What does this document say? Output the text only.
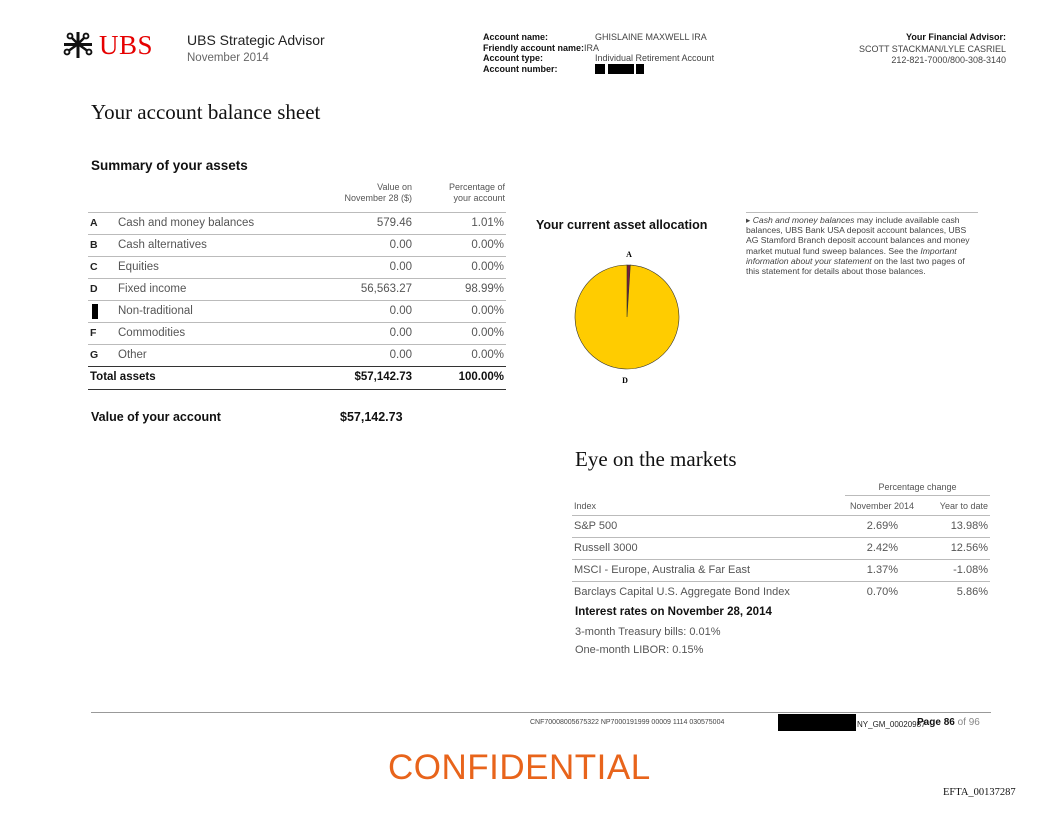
UBS UBS Strategic Advisor
November 2014
Account name:	GHISLAINE MAXWELL IRA
Friendly account name:IRA
Account type:	Individual Retirement Account
Account number:
Your Financial Advisor:
SCOTT STACKMAN/LYLE CASRIEL
212-821-7000/800-308-3140
Your account balance sheet
Summary of your assets
Value on
November 28 ($)
Percentage of
your account
A Cash and money balances	579.46	1.01%
B Cash alternatives	0.00	0.00%
C Equities	0.00	0.00%
D Fixed income	56,563.27	98.99%
Non-traditional	0.00	0.00%
F Commodities	0.00	0.00%
G Other	0.00	0.00%
Total assets	$57,142.73	100.00%
Value of your account	$57,142.73
Your current asset allocation
A
D
▸ Cash and money balances may include available cash balances, UBS Bank USA deposit account balances, UBS AG Stamford Branch deposit account balances and money market mutual fund sweep balances. See the Important information about your statement on the last two pages of this statement for details about those balances.
Eye on the markets
Percentage change
Index	November 2014	Year to date
S&P 500	2.69%	13.98%
Russell 3000	2.42%	12.56%
MSCI - Europe, Australia & Far East	1.37%	-1.08%
Barclays Capital U.S. Aggregate Bond Index	0.70%	5.86%
Interest rates on November 28, 2014
3-month Treasury bills: 0.01%
One-month LIBOR: 0.15%
CNF70008005675322 NP7000191999 00009 1114 030575004	NY_GM_00020987
Page 86 of 96
CONFIDENTIAL
EFTA_00137287
